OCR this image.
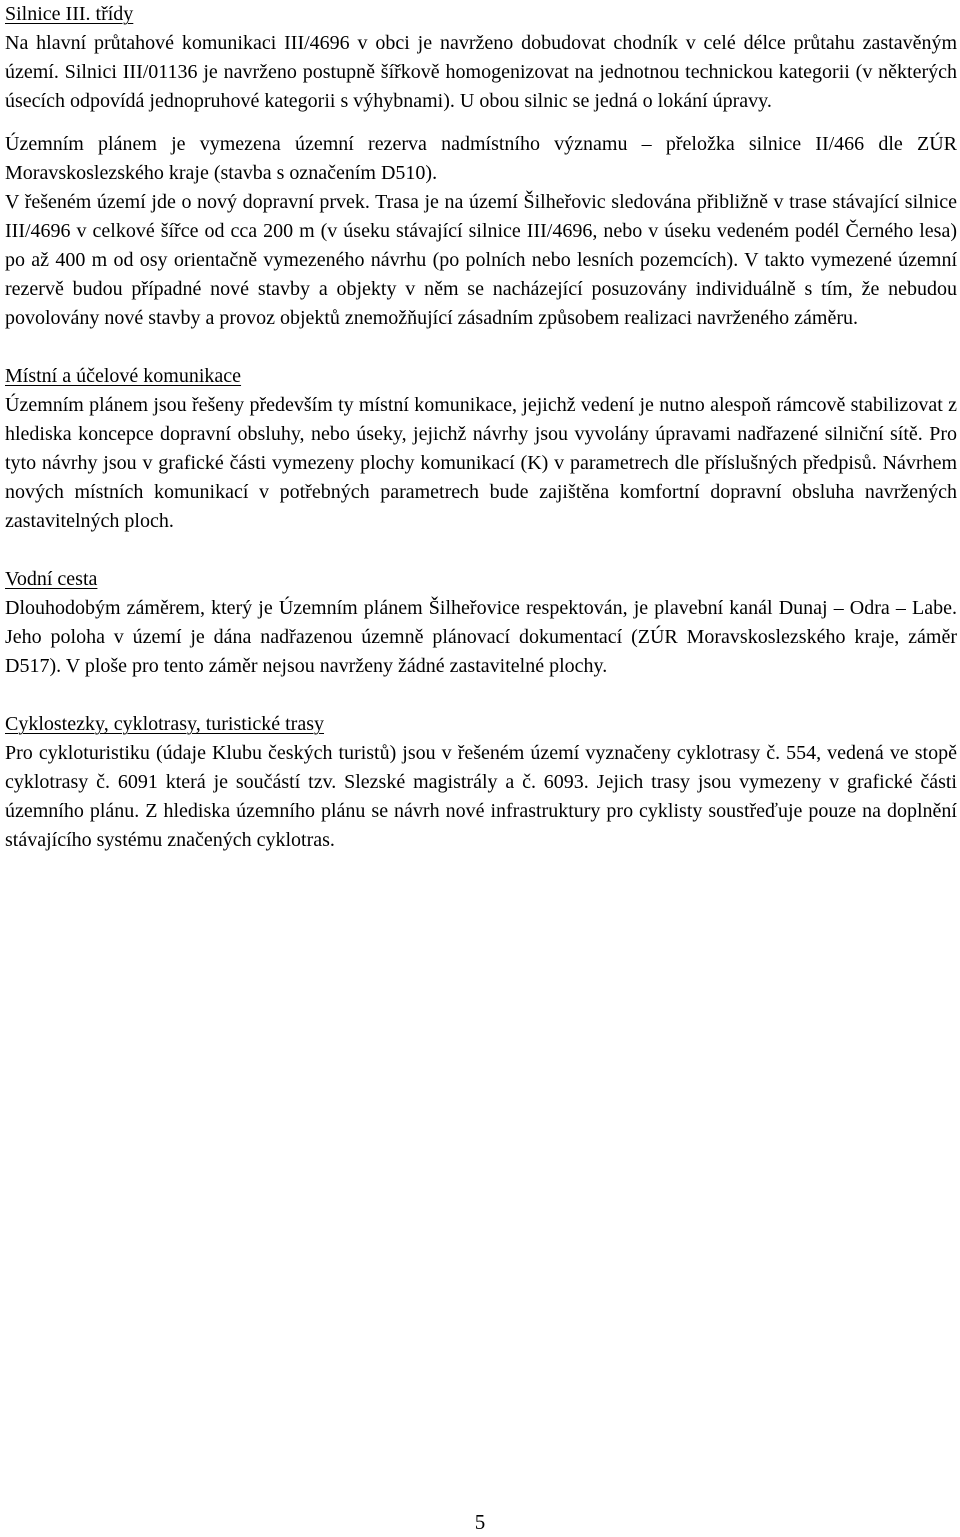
Silnice III. třídy

Na hlavní průtahové komunikaci III/4696 v obci je navrženo dobudovat chodník v celé délce průtahu zastavěným území. Silnici III/01136 je navrženo postupně šířkově homogenizovat na jednotnou technickou kategorii (v některých úsecích odpovídá jednopruhové kategorii s výhybnami). U obou silnic se jedná o lokání úpravy.

Územním plánem je vymezena územní rezerva nadmístního významu – přeložka silnice II/466 dle ZÚR Moravskoslezského kraje (stavba s označením D510).

V řešeném území jde o nový dopravní prvek. Trasa je na území Šilheřovic sledována přibližně v trase stávající silnice III/4696 v celkové šířce od cca 200 m (v úseku stávající silnice III/4696, nebo v úseku vedeném podél Černého lesa) po až 400 m od osy orientačně vymezeného návrhu (po polních nebo lesních pozemcích). V takto vymezené územní rezervě budou případné nové stavby a objekty v něm se nacházející posuzovány individuálně s tím, že nebudou povolovány nové stavby a provoz objektů znemožňující zásadním způsobem realizaci navrženého záměru.

Místní a účelové komunikace

Územním plánem jsou řešeny především ty místní komunikace, jejichž vedení je nutno alespoň rámcově stabilizovat z hlediska koncepce dopravní obsluhy, nebo úseky, jejichž návrhy jsou vyvolány úpravami nadřazené silniční sítě. Pro tyto návrhy jsou v grafické části vymezeny plochy komunikací (K) v parametrech dle příslušných předpisů. Návrhem nových místních komunikací v potřebných parametrech bude zajištěna komfortní dopravní obsluha navržených zastavitelných ploch.

Vodní cesta

Dlouhodobým záměrem, který je Územním plánem Šilheřovice respektován, je plavební kanál Dunaj – Odra – Labe. Jeho poloha v území je dána nadřazenou územně plánovací dokumentací (ZÚR Moravskoslezského kraje, záměr D517). V ploše pro tento záměr nejsou navrženy žádné zastavitelné plochy.

Cyklostezky, cyklotrasy, turistické trasy

Pro cykloturistiku (údaje Klubu českých turistů) jsou v řešeném území vyznačeny cyklotrasy č. 554, vedená ve stopě cyklotrasy č. 6091 která je součástí tzv. Slezské magistrály a č. 6093. Jejich trasy jsou vymezeny v grafické části územního plánu. Z hlediska územního plánu se návrh nové infrastruktury pro cyklisty soustřeďuje pouze na doplnění stávajícího systému značených cyklotras.

5
